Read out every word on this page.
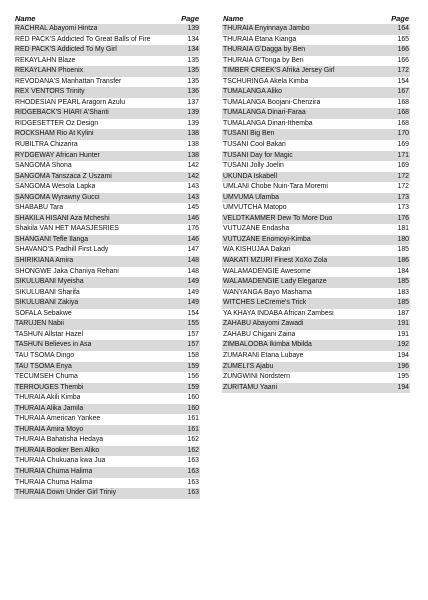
Name	Page
RACHRAL Abayomi Hintza	139
RED PACK'S Addicted To Great Balls of Fire	134
RED PACK'S Addicted To My Girl	134
REKAYLAHN Blaze	135
REKAYLAHN Phoenix	135
REVODANA'S Manhattan Transfer	135
REX VENTORS Trinity	136
RHODESIAN PEARL Aragorn Azulu	137
RIDGEBACK'S HIARI A'Shanti	139
RIDGESETTER Oz Design	139
ROCKSHAM Rio At Kylini	138
RUBILTRA Chizarira	138
RYDGEWAY African Hunter	138
SANGOMA Shona	142
SANGOMA Tanszaca Z Uszami	142
SANGOMA Wesola Lapka	143
SANGOMA Wyrawny Gucci	143
SHABABU Tara	145
SHAKILA HISANI Aza Mcheshi	146
Shakila VAN HET MAASJESRIES	176
SHANGANI Tefle Ilanga	146
SHAVANO'S Padhill First Lady	147
SHIRIKIANA Amira	148
SHONGWE Jaka Chaniya Rehani	148
SIKULUBANI Myeisha	149
SIKULUBANI Sharifa	149
SIKULUBANI Zakiya	149
SOFALA Sebakwe	154
TARUJEN Nabii	155
TASHUN Allstar Hazel	157
TASHUN Believes in Asa	157
TAU TSOMA Dingo	158
TAU TSOMA Enya	159
TECUMSEH Chuma	156
TERROUGES Thembi	159
THURAIA Akili Kimba	160
THURAIA Alika Jamila	160
THURAIA American Yankee	161
THURAIA Amira Moyo	161
THURAIA Bahatisha Hedaya	162
THURAIA Booker Ben Aliko	162
THURAIA Chukuana kwa Jua	163
THURAIA Chuma Halima	163
THURAIA Chuma Halima	163
THURAIA Down Under Girl Triniy	163
Name	Page
THURAIA Enyinnaya Jambo	164
THURAIA Etana Kianga	165
THURAIA G'Dagga by Ben	166
THURAIA G'Tonga by Ben	166
TIMBER CREEK'S Afrika Jersey Girl	172
TSCHURINGA Akela Kimba	154
TUMALANGA Aliko	167
TUMALANGA Boojani-Chenzira	168
TUMALANGA Dinari-Faraa	168
TUMALANGA Dinari-Ithemba	168
TUSANI Big Ben	170
TUSANI Cool Bakari	169
TUSANI Day for Magic	171
TUSANI Jolly Joelin	169
UKUNDA Iskabell	172
UMLANI Chobe Nuin-Tara Moremi	172
UMVUMA Ulamba	173
UMVUTCHA Matopo	173
VELDTKAMMER Dew To More Duo	176
VUTUZANE Endasha	181
VUTUZANE Enomoyi-Kimba	180
WA KISHUJAA Dakari	185
WAKATI MZURI Finest XoXo Zola	186
WALAMADENGIE Awesome	184
WALAMADENGIE Lady Eleganze	185
WANYANGA Bayo Mashama	183
WITCHES LeCreme's Trick	185
YA KHAYA INDABA African Zambesi	187
ZAHABU Abayomi Zawadi	191
ZAHABU Chigani Zaina	191
ZIMBALOOBA Ikimba Mbilda	192
ZUMARANI Etana Lubaye	194
ZUMELI'S Ajabu	196
ZUNGWINI Nordstern	195
ZURITAMU Yaani	194
